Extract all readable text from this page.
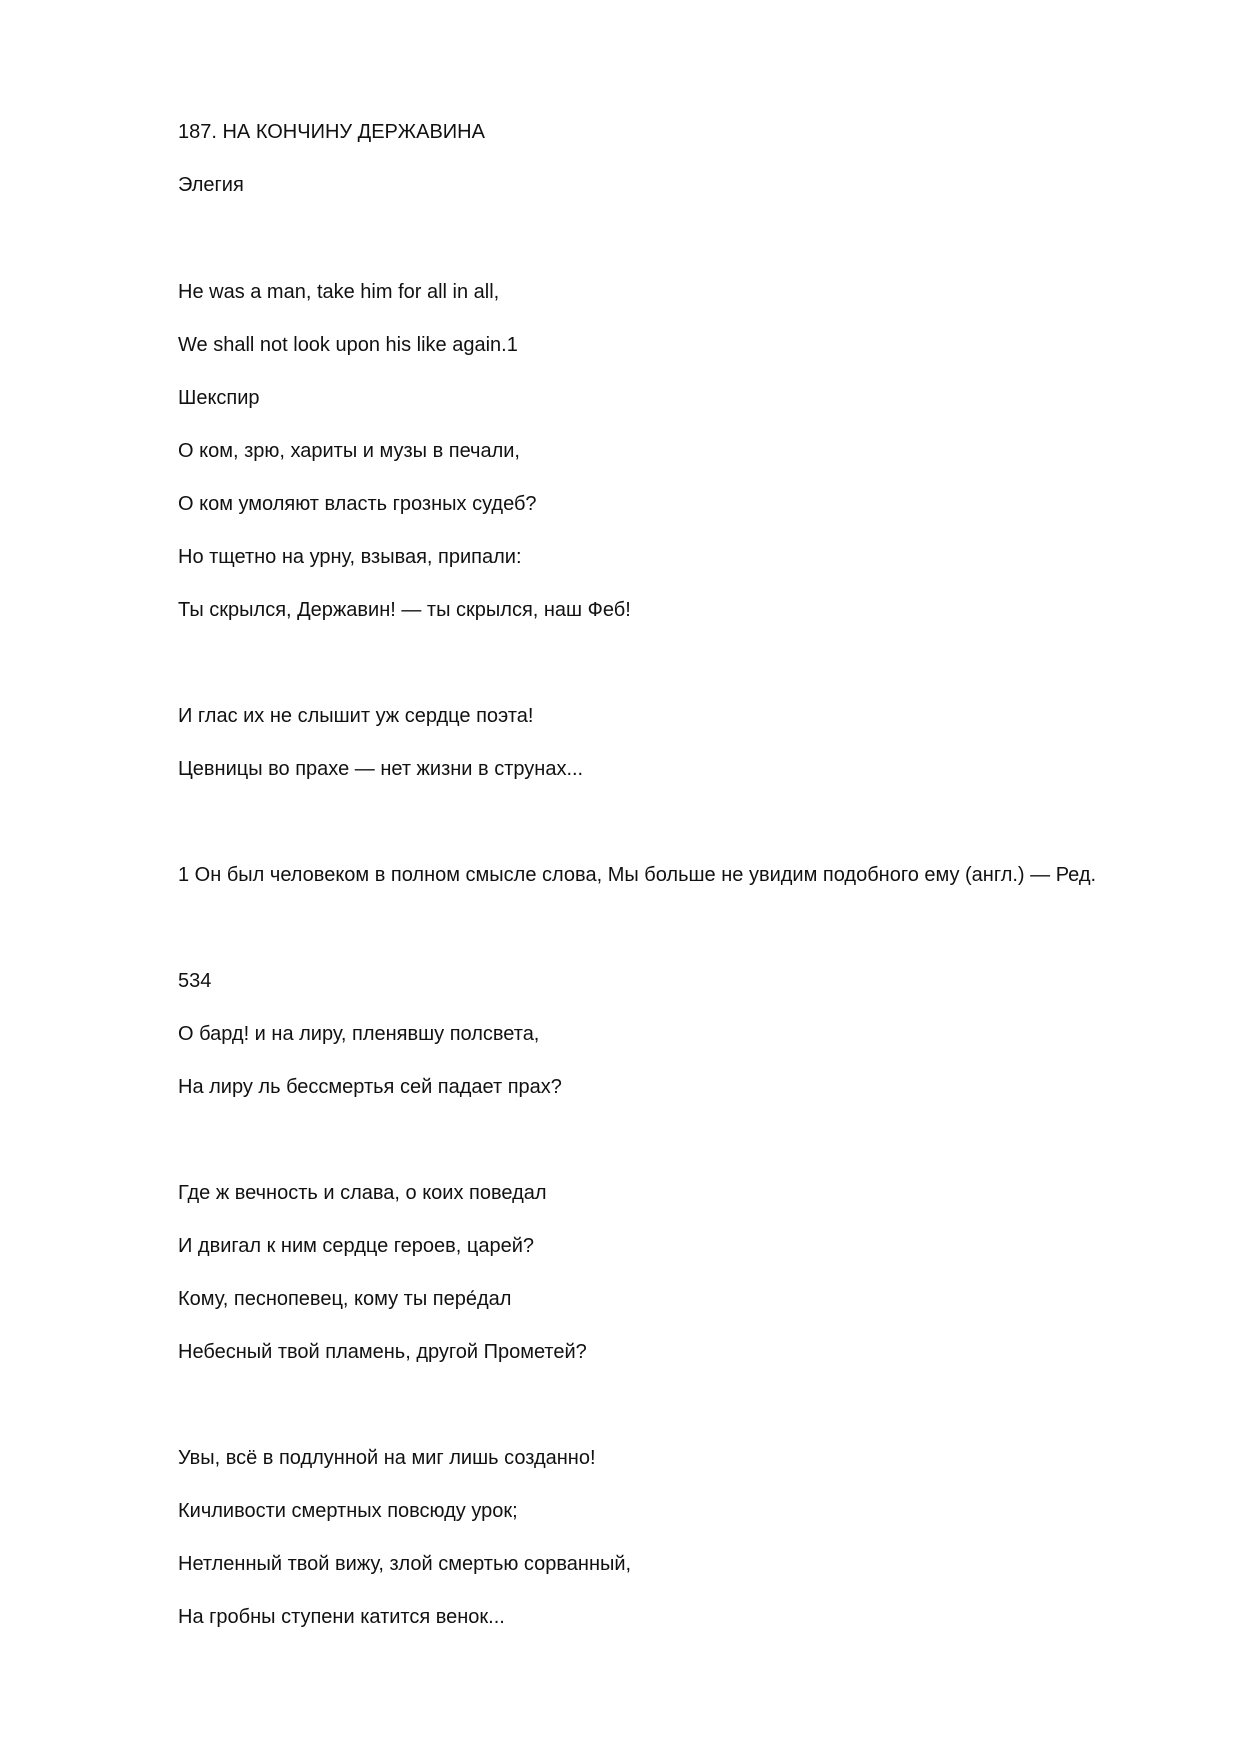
187. НА КОНЧИНУ ДЕРЖАВИНА

Элегия

He was a man, take him for all in all,

We shall not look upon his like again.1

Шекспир

О ком, зрю, хариты и музы в печали,

О ком умоляют власть грозных судеб?

Но тщетно на урну, взывая, припали:

Ты скрылся, Державин! — ты скрылся, наш Феб!

И глас их не слышит уж сердце поэта!

Цевницы во прахе — нет жизни в струнах...

1 Он был человеком в полном смысле слова, Мы больше не увидим подобного ему (англ.) — Ред.

534

О бард! и на лиру, пленявшу полсвета,

На лиру ль бессмертья сей падает прах?

Где ж вечность и слава, о коих поведал

И двигал к ним сердце героев, царей?

Кому, песнопевец, кому ты пере́дал

Небесный твой пламень, другой Прометей?

Увы, всё в подлунной на миг лишь созданно!

Кичливости смертных повсюду урок;

Нетленный твой вижу, злой смертью сорванный,

На гробны ступени катится венок...
